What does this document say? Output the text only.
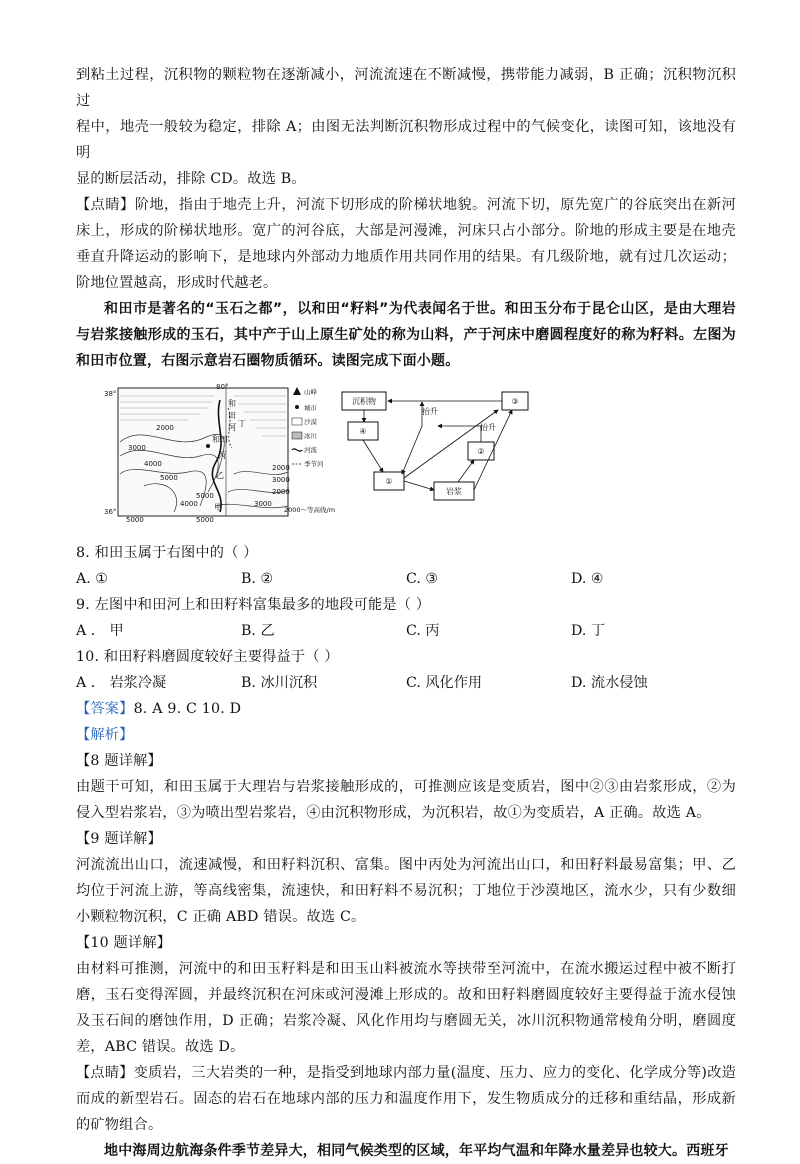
到粘土过程，沉积物的颗粒物在逐渐减小，河流流速在不断减慢，携带能力减弱，B 正确；沉积物沉积过

程中，地壳一般较为稳定，排除 A；由图无法判断沉积物形成过程中的气候变化，读图可知，该地没有明

显的断层活动，排除 CD。故选 B。

【点睛】阶地，指由于地壳上升，河流下切形成的阶梯状地貌。河流下切，原先宽广的谷底突出在新河床上，形成的阶梯状地形。宽广的河谷底，大部是河漫滩，河床只占小部分。阶地的形成主要是在地壳垂直升降运动的影响下，是地球内外部动力地质作用共同作用的结果。有几级阶地，就有过几次运动；阶地位置越高，形成时代越老。

和田市是著名的“玉石之都”，以和田“籽料”为代表闻名于世。和田玉分布于昆仑山区，是由大理岩与岩浆接触形成的玉石，其中产于山上原生矿处的称为山料，产于河床中磨圆程度好的称为籽料。左图为和田市位置，右图示意岩石圈物质循环。读图完成下面小题。

80°
38°
36°
2000
3000
4000
5000
4000
5000
2000
3000
2000
3000
5000	5000
和
田
河
和田
丙
乙
丁
甲
山峰
城市
沙漠
冰川
河流
季节河
2000～等高线/m
沉积物
④
③
②
①
岩浆
抬升
抬升

8. 和田玉属于右图中的（ ）

A. ①	B. ②	C. ③	D. ④

9. 左图中和田河上和田籽料富集最多的地段可能是（ ）

A ． 甲	B. 乙	C. 丙	D. 丁

10. 和田籽料磨圆度较好主要得益于（ ）

A ． 岩浆冷凝	B. 冰川沉积	C. 风化作用	D. 流水侵蚀

【答案】8. A 9. C 10. D

【解析】

【8 题详解】

由题干可知，和田玉属于大理岩与岩浆接触形成的，可推测应该是变质岩，图中②③由岩浆形成，②为侵入型岩浆岩，③为喷出型岩浆岩，④由沉积物形成，为沉积岩，故①为变质岩，A 正确。故选 A。

【9 题详解】

河流流出山口，流速减慢，和田籽料沉积、富集。图中丙处为河流出山口，和田籽料最易富集；甲、乙均位于河流上游，等高线密集，流速快，和田籽料不易沉积；丁地位于沙漠地区，流水少，只有少数细小颗粒物沉积，C 正确 ABD 错误。故选 C。

【10 题详解】

由材料可推测，河流中的和田玉籽料是和田玉山料被流水等挟带至河流中，在流水搬运过程中被不断打磨，玉石变得浑圆，并最终沉积在河床或河漫滩上形成的。故和田籽料磨圆度较好主要得益于流水侵蚀及玉石间的磨蚀作用，D 正确；岩浆冷凝、风化作用均与磨圆无关，冰川沉积物通常棱角分明，磨圆度差，ABC 错误。故选 D。

【点睛】变质岩，三大岩类的一种，是指受到地球内部力量(温度、压力、应力的变化、化学成分等)改造而成的新型岩石。固态的岩石在地球内部的压力和温度作用下，发生物质成分的迁移和重结晶，形成新的矿物组合。

地中海周边航海条件季节差异大，相同气候类型的区域，年平均气温和年降水量差异也较大。西班牙
